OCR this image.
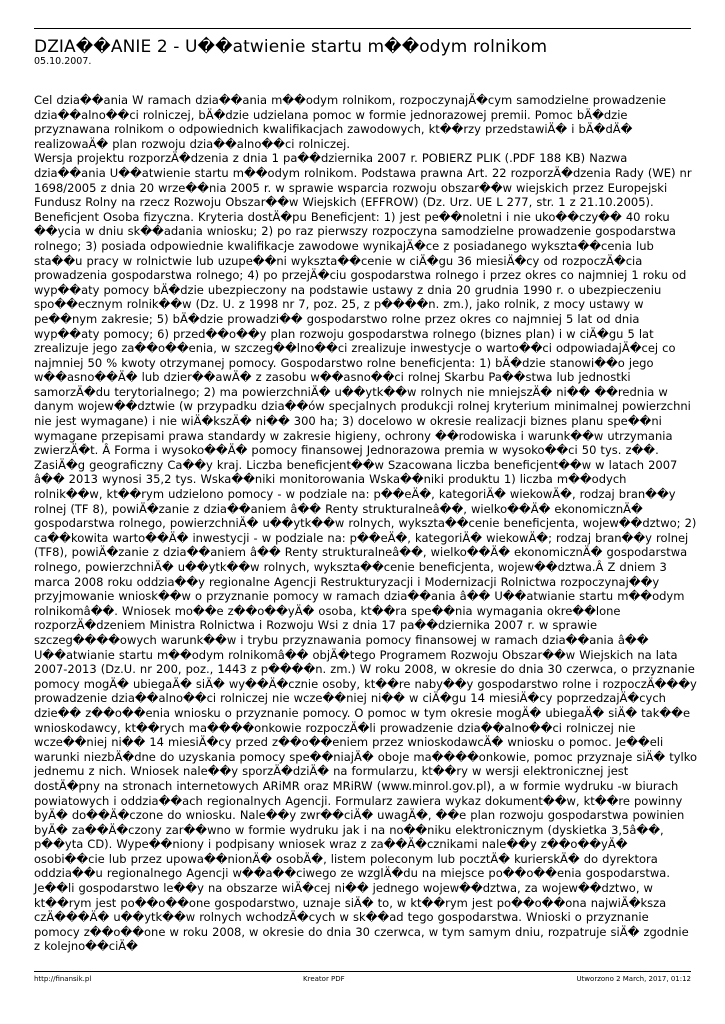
DZIA��ANIE 2 - U��atwienie startu m��odym rolnikom
05.10.2007.

Cel dzia��ania W ramach dzia��ania m��odym rolnikom, rozpoczynajÄ�cym samodzielne prowadzenie dzia��alno��ci rolniczej, bÄ�dzie udzielana pomoc w formie jednorazowej premii. Pomoc bÄ�dzie przyznawana rolnikom o odpowiednich kwalifikacjach zawodowych, kt��rzy przedstawiÄ� i bÄ�dÄ� realizowaÄ� plan rozwoju dzia��alno��ci rolniczej.

Wersja projektu rozporzÄ�dzenia z dnia 1 pa��dziernika 2007 r. POBIERZ PLIK (.PDF 188 KB) Nazwa dzia��ania U��atwienie startu m��odym rolnikom. Podstawa prawna Art. 22 rozporzÄ�dzenia Rady (WE) nr 1698/2005 z dnia 20 wrze��nia 2005 r. w sprawie wsparcia rozwoju obszar��w wiejskich przez Europejski Fundusz Rolny na rzecz Rozwoju Obszar��w Wiejskich (EFFROW) (Dz. Urz. UE L 277, str. 1 z 21.10.2005). Beneficjent Osoba fizyczna. Kryteria dostÄ�pu Beneficjent: 1) jest pe��noletni i nie uko��czy�� 40 roku ��ycia w dniu sk��adania wniosku; 2) po raz pierwszy rozpoczyna samodzielne prowadzenie gospodarstwa rolnego; 3) posiada odpowiednie kwalifikacje zawodowe wynikajÄ�ce z posiadanego wykszta��cenia lub sta��u pracy w rolnictwie lub uzupe��ni wykszta��cenie w ciÄ�gu 36 miesiÄ�cy od rozpoczÄ�cia prowadzenia gospodarstwa rolnego; 4) po przejÄ�ciu gospodarstwa rolnego i przez okres co najmniej 1 roku od wyp��aty pomocy bÄ�dzie ubezpieczony na podstawie ustawy z dnia 20 grudnia 1990 r. o ubezpieczeniu spo��ecznym rolnik��w (Dz. U. z 1998 nr 7, poz. 25, z p����n. zm.), jako rolnik, z mocy ustawy w pe��nym zakresie; 5) bÄ�dzie prowadzi�� gospodarstwo rolne przez okres co najmniej 5 lat od dnia wyp��aty pomocy; 6) przed��o��y plan rozwoju gospodarstwa rolnego (biznes plan) i w ciÄ�gu 5 lat zrealizuje jego za��o��enia, w szczeg��lno��ci zrealizuje inwestycje o warto��ci odpowiadajÄ�cej co najmniej 50 % kwoty otrzymanej pomocy. Gospodarstwo rolne beneficjenta: 1) bÄ�dzie stanowi��o jego w��asno��Ä� lub dzier��awÄ� z zasobu w��asno��ci rolnej Skarbu Pa��stwa lub jednostki samorzÄ�du terytorialnego; 2) ma powierzchniÄ� u��ytk��w rolnych nie mniejszÄ� ni�� ��rednia w danym wojew��dztwie (w przypadku dzia��ów specjalnych produkcji rolnej kryterium minimalnej powierzchni nie jest wymagane) i nie wiÄ�kszÄ� ni�� 300 ha; 3) docelowo w okresie realizacji biznes planu spe��ni wymagane przepisami prawa standardy w zakresie higieny, ochrony ��rodowiska i warunk��w utrzymania zwierzÄ�t. Â Forma i wysoko��Ä� pomocy finansowej Jednorazowa premia w wysoko��ci 50 tys. z��. ZasiÄ�g geograficzny Ca��y kraj. Liczba beneficjent��w Szacowana liczba beneficjent��w w latach 2007 â�� 2013 wynosi 35,2 tys. Wska��niki monitorowania Wska��niki produktu 1) liczba m��odych rolnik��w, kt��rym udzielono pomocy - w podziale na: p��eÄ�, kategoriÄ� wiekowÄ�, rodzaj bran��y rolnej (TF 8), powiÄ�zanie z dzia��aniem â�� Renty strukturalneâ��, wielko��Ä� ekonomicznÄ� gospodarstwa rolnego, powierzchniÄ� u��ytk��w rolnych, wykszta��cenie beneficjenta, wojew��dztwo; 2) ca��kowita warto��Ä� inwestycji - w podziale na: p��eÄ�, kategoriÄ� wiekowÄ�; rodzaj bran��y rolnej (TF8), powiÄ�zanie z dzia��aniem â�� Renty strukturalneâ��, wielko��Ä� ekonomicznÄ� gospodarstwa rolnego, powierzchniÄ� u��ytk��w rolnych, wykszta��cenie beneficjenta, wojew��dztwa.Â Z dniem 3 marca 2008 roku oddzia��y regionalne Agencji Restrukturyzacji i Modernizacji Rolnictwa rozpoczynaj��y przyjmowanie wniosk��w o przyznanie pomocy w ramach dzia��ania â�� U��atwianie startu m��odym rolnikomâ��. Wniosek mo��e z��o��yÄ� osoba, kt��ra spe��nia wymagania okre��lone rozporzÄ�dzeniem Ministra Rolnictwa i Rozwoju Wsi z dnia 17 pa��dziernika 2007 r. w sprawie szczeg����owych warunk��w i trybu przyznawania pomocy finansowej w ramach dzia��ania â�� U��atwianie startu m��odym rolnikomâ�� objÄ�tego Programem Rozwoju Obszar��w Wiejskich na lata 2007-2013 (Dz.U. nr 200, poz., 1443 z p����n. zm.) W roku 2008, w okresie do dnia 30 czerwca, o przyznanie pomocy mogÄ� ubiegaÄ� siÄ� wy��Ä�cznie osoby, kt��re naby��y gospodarstwo rolne i rozpoczÄ���y prowadzenie dzia��alno��ci rolniczej nie wcze��niej ni�� w ciÄ�gu 14 miesiÄ�cy poprzedzajÄ�cych dzie�� z��o��enia wniosku o przyznanie pomocy. O pomoc w tym okresie mogÄ� ubiegaÄ� siÄ� tak��e wnioskodawcy, kt��rych ma����onkowie rozpoczÄ�li prowadzenie dzia��alno��ci rolniczej nie wcze��niej ni�� 14 miesiÄ�cy przed z��o��eniem przez wnioskodawcÄ� wniosku o pomoc. Je��eli warunki niezbÄ�dne do uzyskania pomocy spe��niajÄ� oboje ma����onkowie, pomoc przyznaje siÄ� tylko jednemu z nich. Wniosek nale��y sporzÄ�dziÄ� na formularzu, kt��ry w wersji elektronicznej jest dostÄ�pny na stronach internetowych ARiMR oraz MRiRW (www.minrol.gov.pl), a w formie wydruku -w biurach powiatowych i oddzia��ach regionalnych Agencji. Formularz zawiera wykaz dokument��w, kt��re powinny byÄ� do��Ä�czone do wniosku. Nale��y zwr��ciÄ� uwagÄ�, ��e plan rozwoju gospodarstwa powinien byÄ� za��Ä�czony zar��wno w formie wydruku jak i na no��niku elektronicznym (dyskietka 3,5â��, p��yta CD). Wype��niony i podpisany wniosek wraz z za��Ä�cznikami nale��y z��o��yÄ� osobi��cie lub przez upowa��nionÄ� osobÄ�, listem poleconym lub pocztÄ� kurierskÄ� do dyrektora oddzia��u regionalnego Agencji w��a��ciwego ze wzglÄ�du na miejsce po��o��enia gospodarstwa. Je��li gospodarstwo le��y na obszarze wiÄ�cej ni�� jednego wojew��dztwa, za wojew��dztwo, w kt��rym jest po��o��one gospodarstwo, uznaje siÄ� to, w kt��rym jest po��o��ona najwiÄ�ksza czÄ���Ä� u��ytk��w rolnych wchodzÄ�cych w sk��ad tego gospodarstwa. Wnioski o przyznanie pomocy z��o��one w roku 2008, w okresie do dnia 30 czerwca, w tym samym dniu, rozpatruje siÄ� zgodnie z kolejno��ciÄ�

http://finansik.pl	Kreator PDF	Utworzono 2 March, 2017, 01:12
